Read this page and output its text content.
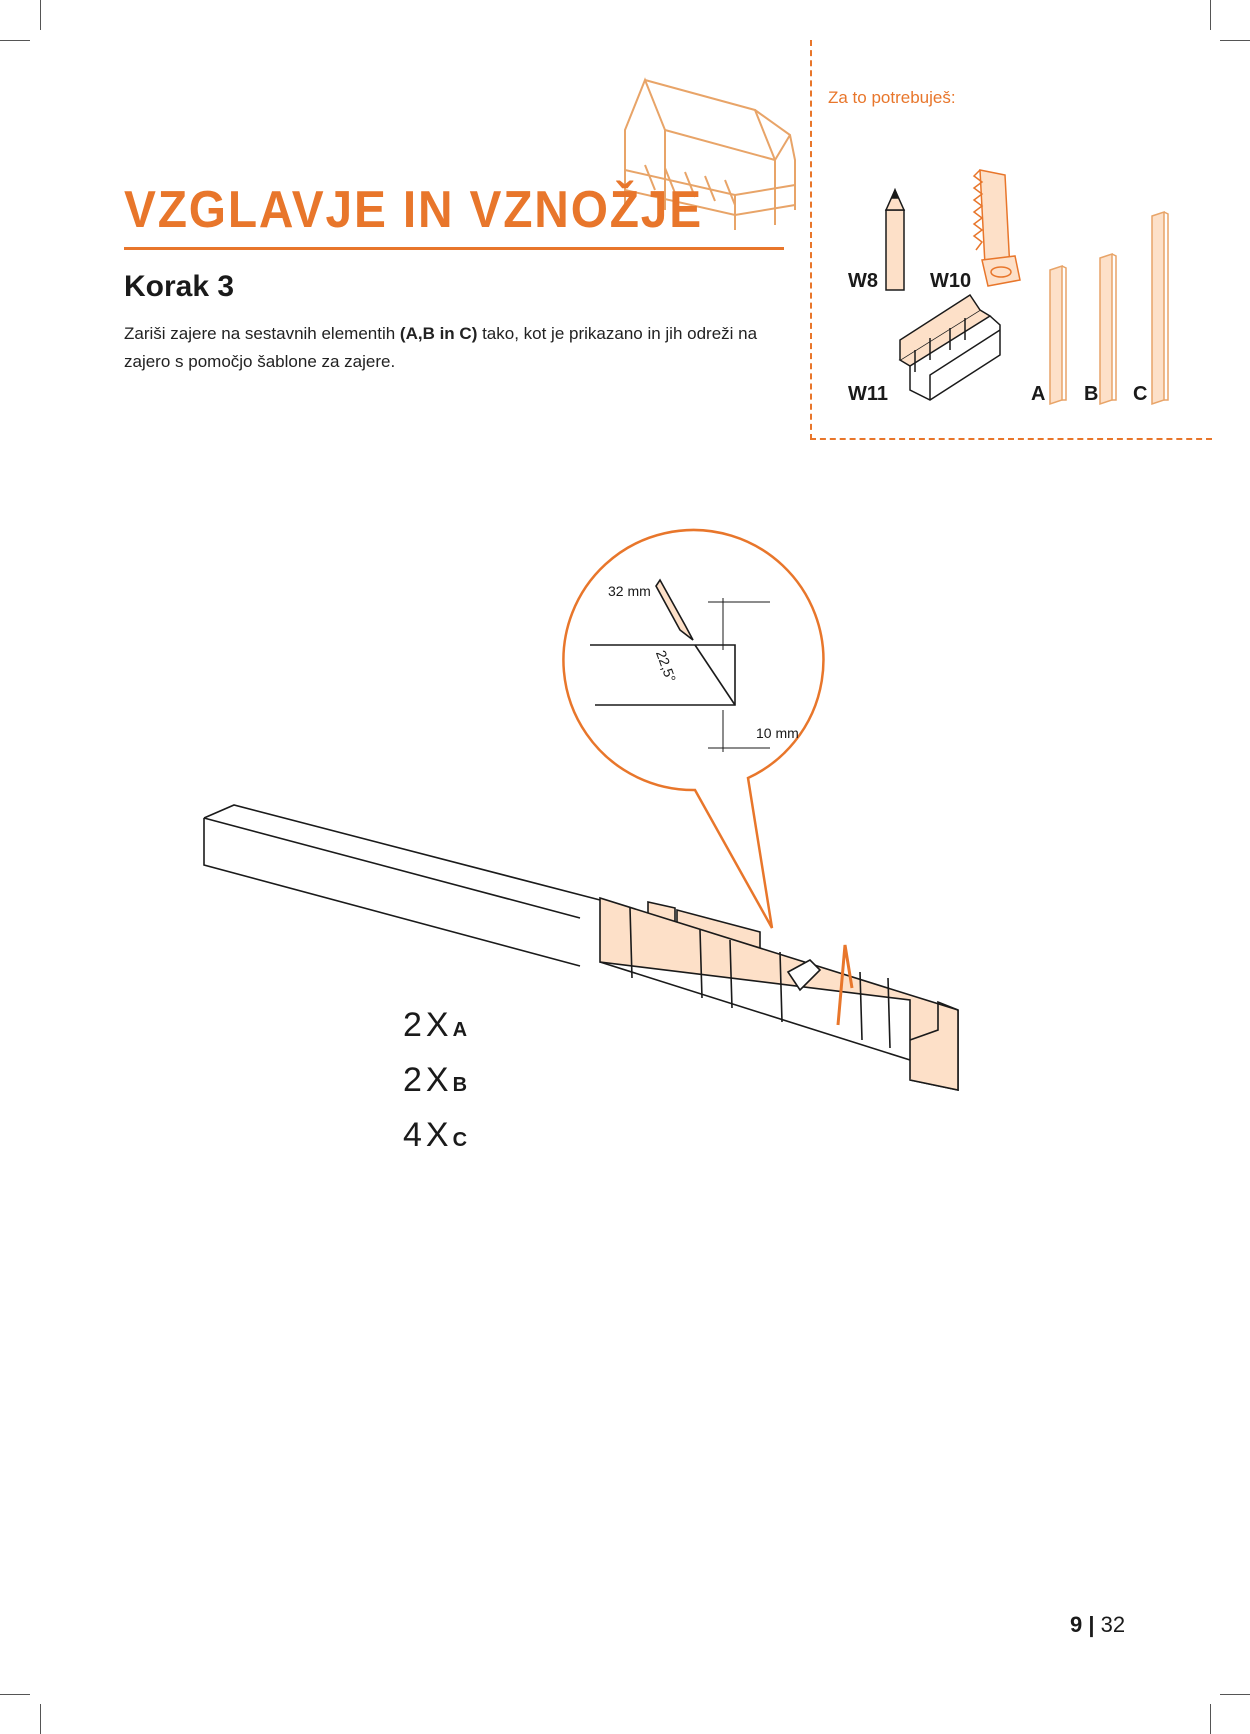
VZGLAVJE IN VZNOŽJE
Korak 3
Zariši zajere na sestavnih elementih (A,B in C) tako, kot je prikazano in jih odreži na zajero s pomočjo šablone za zajere.
Za to potrebuješ:
W8	W10
W11	A B C
32 mm
22,5°
10 mm
2 X A
2 X B
4 X C
9 | 32
